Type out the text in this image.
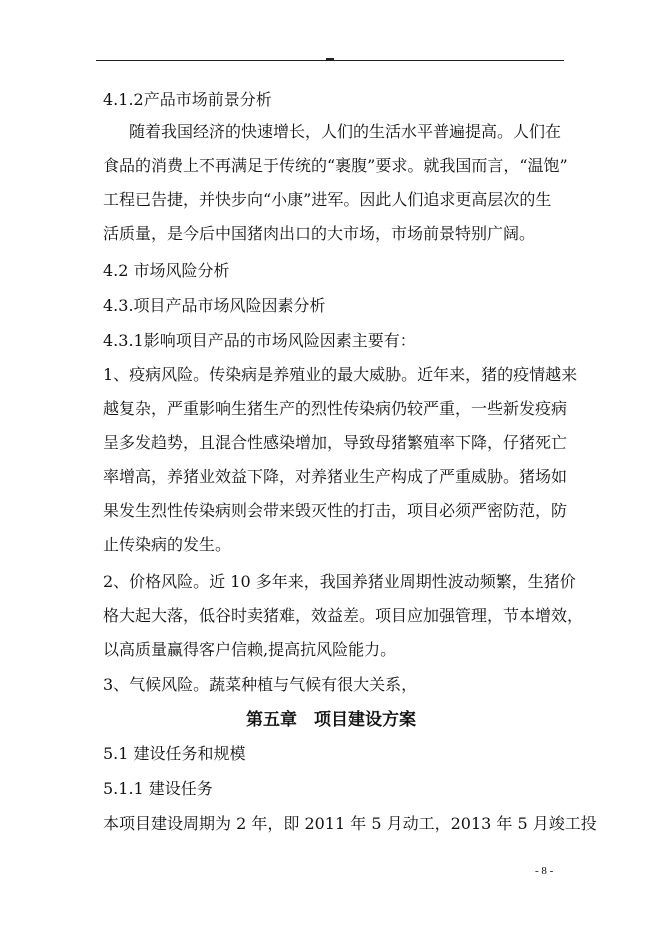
4.1.2产品市场前景分析
随着我国经济的快速增长，人们的生活水平普遍提高。人们在
食品的消费上不再满足于传统的“裹腹”要求。就我国而言，“温饱”
工程已告捷，并快步向“小康”进军。因此人们追求更高层次的生
活质量，是今后中国猪肉出口的大市场，市场前景特别广阔。
4.2 市场风险分析
4.3.项目产品市场风险因素分析
4.3.1影响项目产品的市场风险因素主要有：
1、疫病风险。传染病是养殖业的最大威胁。近年来，猪的疫情越来
越复杂，严重影响生猪生产的烈性传染病仍较严重，一些新发疫病
呈多发趋势，且混合性感染增加，导致母猪繁殖率下降，仔猪死亡
率增高，养猪业效益下降，对养猪业生产构成了严重威胁。猪场如
果发生烈性传染病则会带来毁灭性的打击，项目必须严密防范，防
止传染病的发生。
2、价格风险。近 10 多年来，我国养猪业周期性波动频繁，生猪价
格大起大落，低谷时卖猪难，效益差。项目应加强管理，节本增效，
以高质量赢得客户信赖,提高抗风险能力。
3、气候风险。蔬菜种植与气候有很大关系，
第五章　项目建设方案
5.1 建设任务和规模
5.1.1 建设任务
本项目建设周期为 2 年，即 2011 年 5 月动工，2013 年 5 月竣工投
- 8 -
